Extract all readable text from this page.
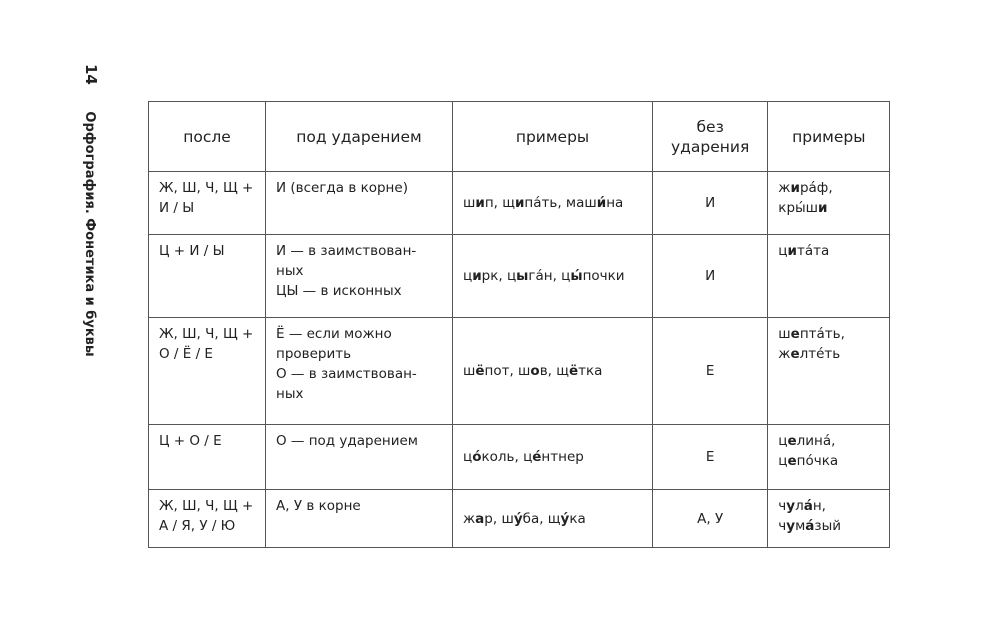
14 Орфография. Фонетика и буквы	после	под ударением	примеры	без ударения	примеры
Ж, Ш, Ч, Щ + И / Ы	И (всегда в корне)	шип, щипа́ть, маши́на	И	жира́ф,
кры́ши
Ц + И / Ы	И — в заимствован-
ных
ЦЫ — в исконных	цирк, цыга́н, цы́почки	И	цита́та
Ж, Ш, Ч, Щ + О / Ё / Е	Ё — если можно
проверить
О — в заимствован-
ных	шёпот, шов, щётка	Е	шепта́ть,
желте́ть
Ц + О / Е	О — под ударением	цо́коль, це́нтнер	Е	целина́,
цепо́чка
Ж, Ш, Ч, Щ + А / Я, У / Ю	А, У в корне	жар, шу́ба, щу́ка	А, У	чула́н,
чума́зый
